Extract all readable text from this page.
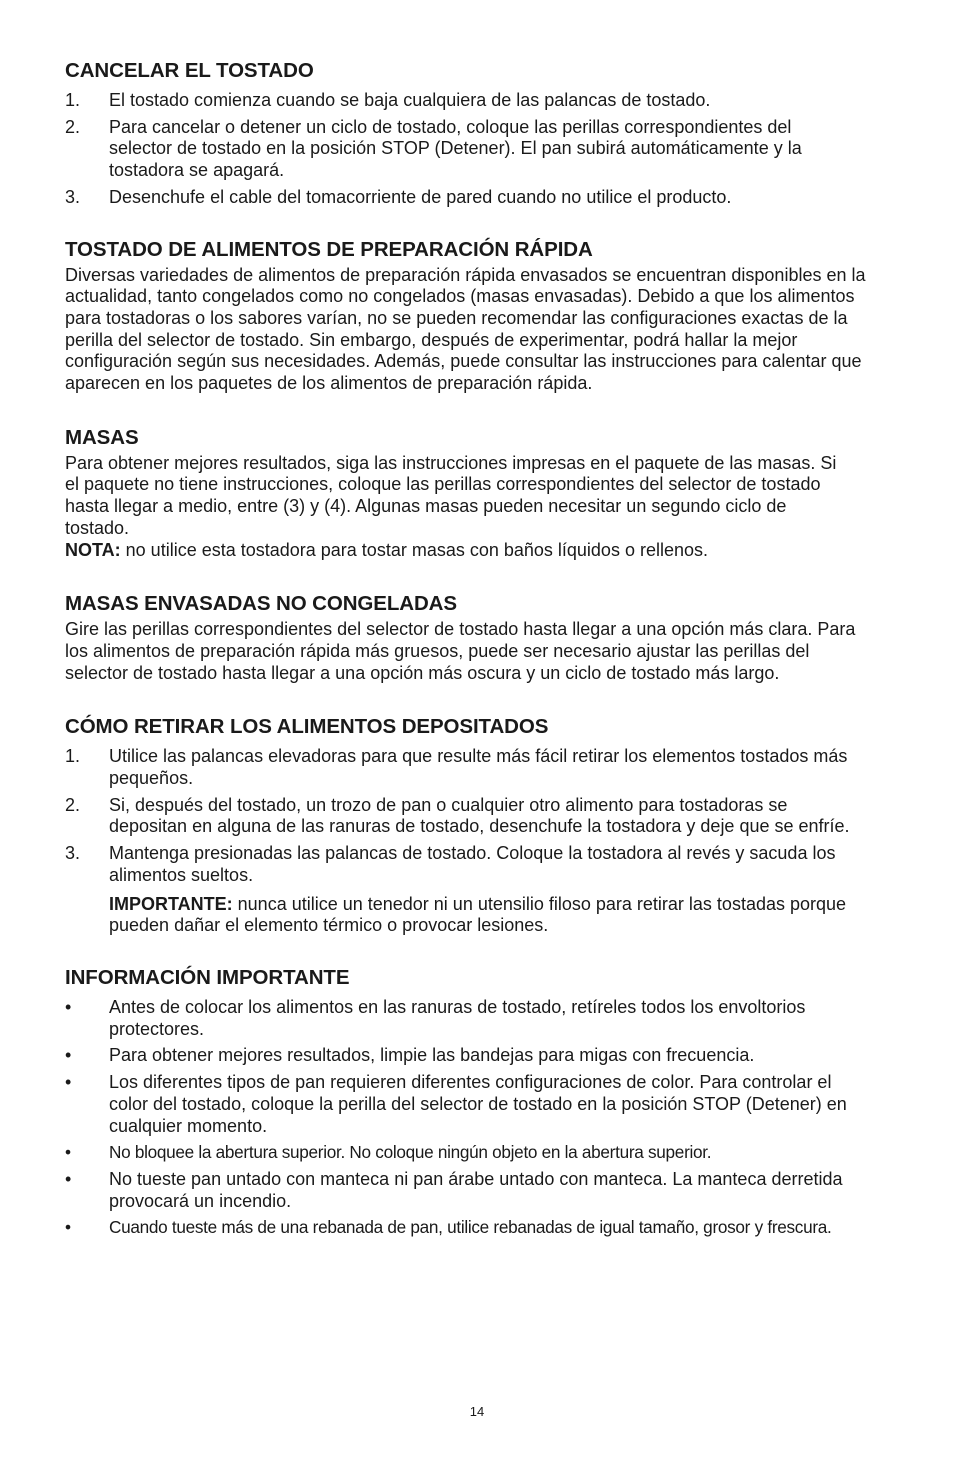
CANCELAR EL TOSTADO
1. El tostado comienza cuando se baja cualquiera de las palancas de tostado.
2. Para cancelar o detener un ciclo de tostado, coloque las perillas correspondientes del selector de tostado en la posición STOP (Detener). El pan subirá automáticamente y la tostadora se apagará.
3. Desenchufe el cable del tomacorriente de pared cuando no utilice el producto.
TOSTADO DE ALIMENTOS DE PREPARACIÓN RÁPIDA

Diversas variedades de alimentos de preparación rápida envasados se encuentran disponibles en la actualidad, tanto congelados como no congelados (masas envasadas). Debido a que los alimentos para tostadoras o los sabores varían, no se pueden recomendar las configuraciones exactas de la perilla del selector de tostado. Sin embargo, después de experimentar, podrá hallar la mejor configuración según sus necesidades. Además, puede consultar las instrucciones para calentar que aparecen en los paquetes de los alimentos de preparación rápida.

MASAS

Para obtener mejores resultados, siga las instrucciones impresas en el paquete de las masas. Si el paquete no tiene instrucciones, coloque las perillas correspondientes del selector de tostado hasta llegar a medio, entre (3) y (4). Algunas masas pueden necesitar un segundo ciclo de tostado.
NOTA: no utilice esta tostadora para tostar masas con baños líquidos o rellenos.

MASAS ENVASADAS NO CONGELADAS

Gire las perillas correspondientes del selector de tostado hasta llegar a una opción más clara. Para los alimentos de preparación rápida más gruesos, puede ser necesario ajustar las perillas del selector de tostado hasta llegar a una opción más oscura y un ciclo de tostado más largo.

CÓMO RETIRAR LOS ALIMENTOS DEPOSITADOS
1. Utilice las palancas elevadoras para que resulte más fácil retirar los elementos tostados más pequeños.
2. Si, después del tostado, un trozo de pan o cualquier otro alimento para tostadoras se depositan en alguna de las ranuras de tostado, desenchufe la tostadora y deje que se enfríe.
3. Mantenga presionadas las palancas de tostado. Coloque la tostadora al revés y sacuda los alimentos sueltos.
IMPORTANTE: nunca utilice un tenedor ni un utensilio filoso para retirar las tostadas porque pueden dañar el elemento térmico o provocar lesiones.
INFORMACIÓN IMPORTANTE
• Antes de colocar los alimentos en las ranuras de tostado, retíreles todos los envoltorios protectores.
• Para obtener mejores resultados, limpie las bandejas para migas con frecuencia.
• Los diferentes tipos de pan requieren diferentes configuraciones de color. Para controlar el color del tostado, coloque la perilla del selector de tostado en la posición STOP (Detener) en cualquier momento.
• No bloquee la abertura superior. No coloque ningún objeto en la abertura superior.
• No tueste pan untado con manteca ni pan árabe untado con manteca. La manteca derretida provocará un incendio.
• Cuando tueste más de una rebanada de pan, utilice rebanadas de igual tamaño, grosor y frescura.
14
